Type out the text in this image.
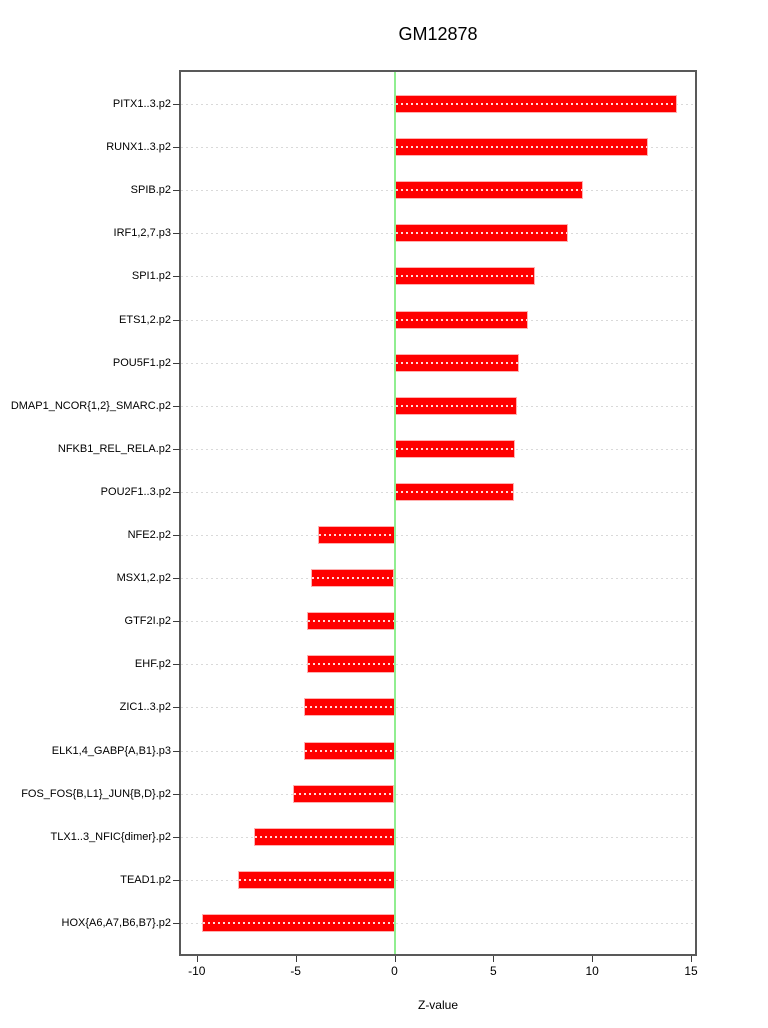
GM12878
PITX1..3.p2
RUNX1..3.p2
SPIB.p2
IRF1,2,7.p3
SPI1.p2
ETS1,2.p2
POU5F1.p2
DMAP1_NCOR{1,2}_SMARC.p2
NFKB1_REL_RELA.p2
POU2F1..3.p2
NFE2.p2
MSX1,2.p2
GTF2I.p2
EHF.p2
ZIC1..3.p2
ELK1,4_GABP{A,B1}.p3
FOS_FOS{B,L1}_JUN{B,D}.p2
TLX1..3_NFIC{dimer}.p2
TEAD1.p2
HOX{A6,A7,B6,B7}.p2
-10	-5	0	5	10	15
Z-value
